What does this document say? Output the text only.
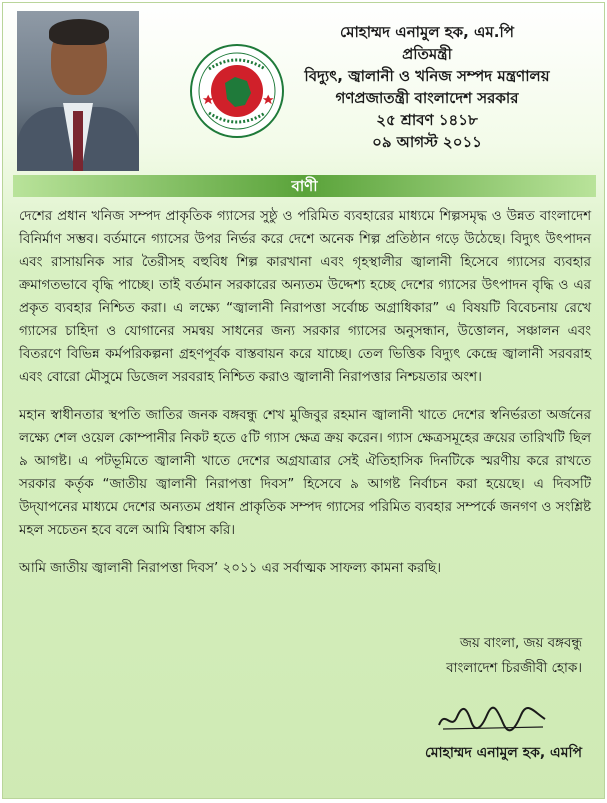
মোহাম্মদ এনামুল হক, এম.পি
প্রতিমন্ত্রী
বিদ্যুৎ, জ্বালানী ও খনিজ সম্পদ মন্ত্রণালয়
গণপ্রজাতন্ত্রী বাংলাদেশ সরকার
২৫ শ্রাবণ ১৪১৮
০৯ আগস্ট ২০১১
বাণী

দেশের প্রধান খনিজ সম্পদ প্রাকৃতিক গ্যাসের সুষ্ঠু ও পরিমিত ব্যবহারের মাধ্যমে শিল্পসমৃদ্ধ ও উন্নত বাংলাদেশ বিনির্মাণ সম্ভব। বর্তমানে গ্যাসের উপর নির্ভর করে দেশে অনেক শিল্প প্রতিষ্ঠান গড়ে উঠেছে। বিদ্যুৎ উৎপাদন এবং রাসায়নিক সার তৈরীসহ বহুবিধ শিল্প কারখানা এবং গৃহস্থালীর জ্বালানী হিসেবে গ্যাসের ব্যবহার ক্রমাগতভাবে বৃদ্ধি পাচ্ছে। তাই বর্তমান সরকারের অন্যতম উদ্দেশ্য হচ্ছে দেশের গ্যাসের উৎপাদন বৃদ্ধি ও এর প্রকৃত ব্যবহার নিশ্চিত করা। এ লক্ষ্যে “জ্বালানী নিরাপত্তা সর্বোচ্চ অগ্রাধিকার” এ বিষয়টি বিবেচনায় রেখে গ্যাসের চাহিদা ও যোগানের সমন্বয় সাধনের জন্য সরকার গ্যাসের অনুসন্ধান, উত্তোলন, সঞ্চালন এবং বিতরণে বিভিন্ন কর্মপরিকল্পনা গ্রহণপূর্বক বাস্তবায়ন করে যাচ্ছে। তেল ভিত্তিক বিদ্যুৎ কেন্দ্রে জ্বালানী সরবরাহ এবং বোরো মৌসুমে ডিজেল সরবরাহ নিশ্চিত করাও জ্বালানী নিরাপত্তার নিশ্চয়তার অংশ।

মহান স্বাধীনতার স্থপতি জাতির জনক বঙ্গবন্ধু শেখ মুজিবুর রহমান জ্বালানী খাতে দেশের স্বনির্ভরতা অর্জনের লক্ষ্যে শেল ওয়েল কোম্পানীর নিকট হতে ৫টি গ্যাস ক্ষেত্র ক্রয় করেন। গ্যাস ক্ষেত্রসমূহের ক্রয়ের তারিখটি ছিল ৯ আগষ্ট। এ পটভূমিতে জ্বালানী খাতে দেশের অগ্রযাত্রার সেই ঐতিহাসিক দিনটিকে স্মরণীয় করে রাখতে সরকার কর্তৃক “জাতীয় জ্বালানী নিরাপত্তা দিবস” হিসেবে ৯ আগষ্ট নির্বাচন করা হয়েছে। এ দিবসটি উদ্‌যাপনের মাধ্যমে দেশের অন্যতম প্রধান প্রাকৃতিক সম্পদ গ্যাসের পরিমিত ব্যবহার সম্পর্কে জনগণ ও সংশ্লিষ্ট মহল সচেতন হবে বলে আমি বিশ্বাস করি।

আমি জাতীয় জ্বালানী নিরাপত্তা দিবস’ ২০১১ এর সর্বাত্মক সাফল্য কামনা করছি।

জয় বাংলা, জয় বঙ্গবন্ধু
বাংলাদেশ চিরজীবী হোক।
মোহাম্মদ এনামুল হক, এমপি
